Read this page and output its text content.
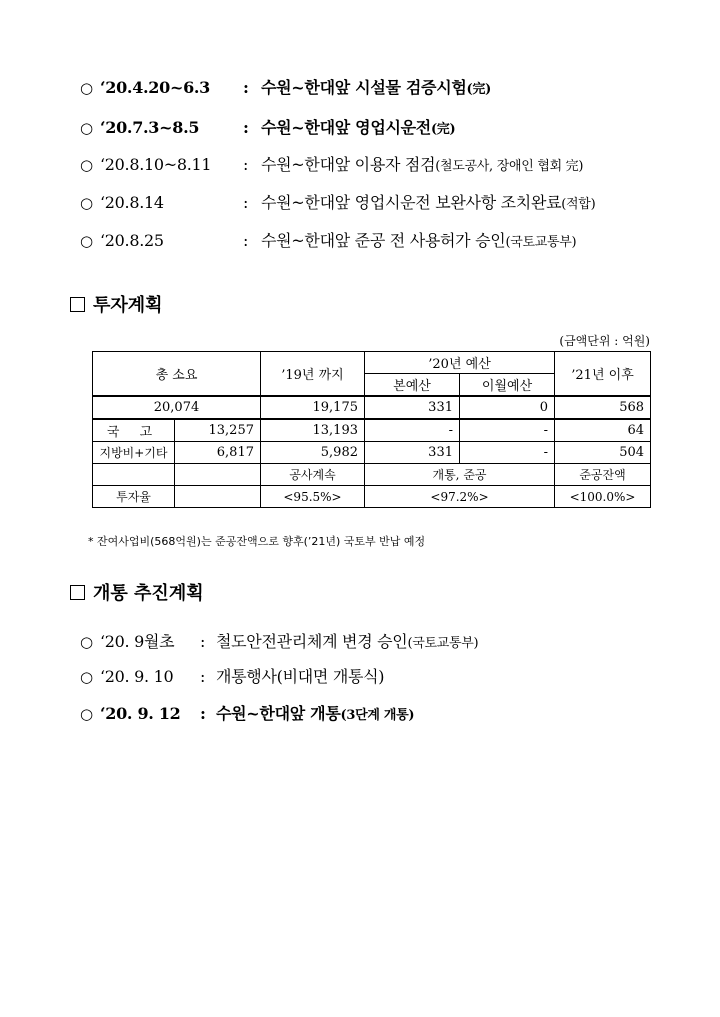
○ ‘20.4.20~6.3 : 수원~한대앞 시설물 검증시험(完)
○ ‘20.7.3~8.5	: 수원~한대앞 영업시운전(完)
○ ‘20.8.10~8.11 : 수원~한대앞 이용자 점검(철도공사, 장애인 협회 完)
○ ‘20.8.14	: 수원~한대앞 영업시운전 보완사항 조치완료(적합)
○ ‘20.8.25	: 수원~한대앞 준공 전 사용허가 승인(국토교통부)
투자계획
(금액단위 : 억원)
총 소요		’19년 까지	’20년 예산		’21년 이후
			본예산	이월예산	
20,074		19,175	331	0	568
국 고	13,257	13,193	-	-	64
지방비+기타	6,817	5,982	331	-	504
		공사계속	개통, 준공		준공잔액
투자율		<95.5%>	<97.2%>		<100.0%>
* 잔여사업비(568억원)는 준공잔액으로 향후(’21년) 국토부 반납 예정
개통 추진계획
○ ‘20. 9월초 : 철도안전관리체계 변경 승인(국토교통부)
○ ‘20. 9. 10 : 개통행사(비대면 개통식)
○ ‘20. 9. 12 : 수원~한대앞 개통(3단계 개통)
